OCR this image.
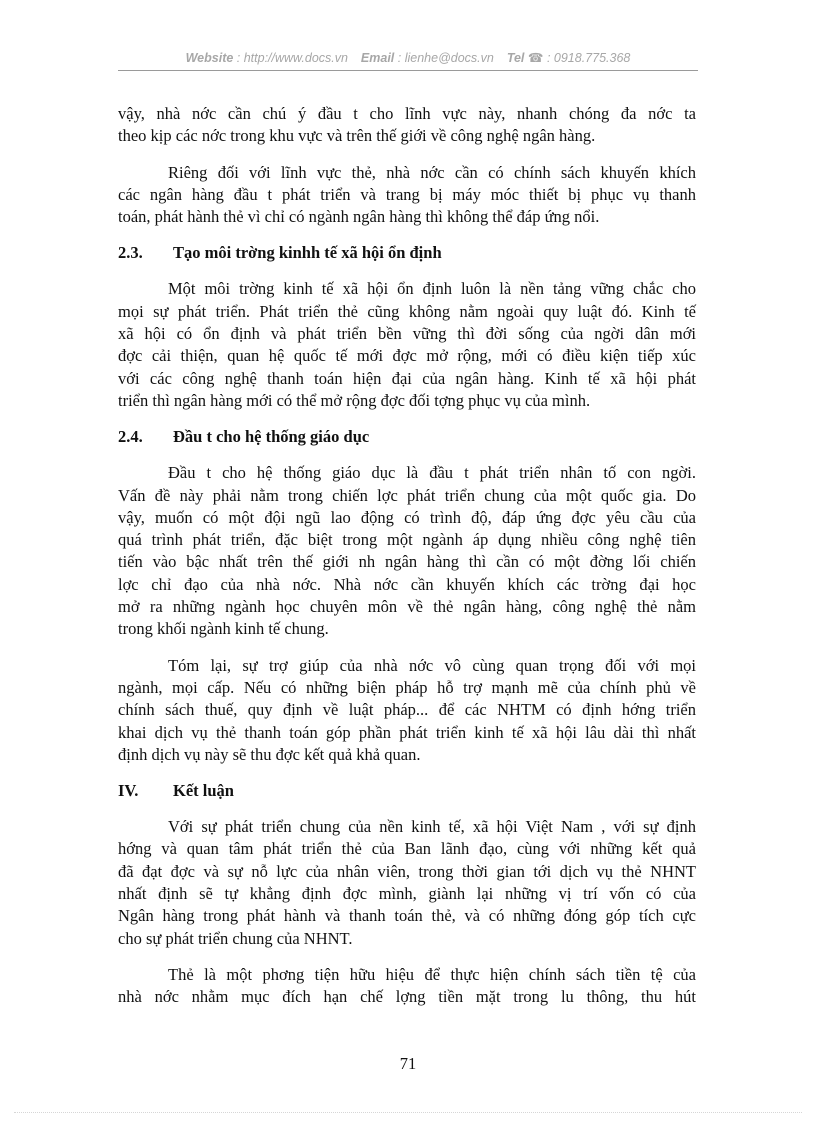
Website : http://www.docs.vn Email : lienhe@docs.vn Tel ☎ : 0918.775.368

vậy, nhà nớc cần chú ý đầu t cho lĩnh vực này, nhanh chóng đa nớc ta
theo kịp các nớc trong khu vực và trên thế giới về công nghệ ngân hàng.

Riêng đối với lĩnh vực thẻ, nhà nớc cần có chính sách khuyến khích
các ngân hàng đầu t phát triển và trang bị máy móc thiết bị phục vụ thanh
toán, phát hành thẻ vì chỉ có ngành ngân hàng thì không thể đáp ứng nổi.

2.3. Tạo môi trờng kinhh tế xã hội ổn định

Một môi trờng kinh tế xã hội ổn định luôn là nền tảng vững chắc cho
mọi sự phát triển. Phát triển thẻ cũng không nằm ngoài quy luật đó. Kinh tế
xã hội có ổn định và phát triển bền vững thì đời sống của ngời dân mới
đợc cải thiện, quan hệ quốc tế mới đợc mở rộng, mới có điều kiện tiếp xúc
với các công nghệ thanh toán hiện đại của ngân hàng. Kinh tế xã hội phát
triển thì ngân hàng mới có thể mở rộng đợc đối tợng phục vụ của mình.

2.4. Đầu t cho hệ thống giáo dục

Đầu t cho hệ thống giáo dục là đầu t phát triển nhân tố con ngời.
Vấn đề này phải nằm trong chiến lợc phát triển chung của một quốc gia. Do
vậy, muốn có một đội ngũ lao động có trình độ, đáp ứng đợc yêu cầu của
quá trình phát triển, đặc biệt trong một ngành áp dụng nhiều công nghệ tiên
tiến vào bậc nhất trên thế giới nh ngân hàng thì cần có một đờng lối chiến
lợc chỉ đạo của nhà nớc. Nhà nớc cần khuyến khích các trờng đại học
mở ra những ngành học chuyên môn về thẻ ngân hàng, công nghệ thẻ nằm
trong khối ngành kinh tế chung.

Tóm lại, sự trợ giúp của nhà nớc vô cùng quan trọng đối với mọi
ngành, mọi cấp. Nếu có những biện pháp hỗ trợ mạnh mẽ của chính phủ về
chính sách thuế, quy định về luật pháp... để các NHTM có định hớng triển
khai dịch vụ thẻ thanh toán góp phần phát triển kinh tế xã hội lâu dài thì nhất
định dịch vụ này sẽ thu đợc kết quả khả quan.

IV. Kết luận

Với sự phát triển chung của nền kinh tế, xã hội Việt Nam , với sự định
hớng và quan tâm phát triển thẻ của Ban lãnh đạo, cùng với những kết quả
đã đạt đợc và sự nỗ lực của nhân viên, trong thời gian tới dịch vụ thẻ NHNT
nhất định sẽ tự khẳng định đợc mình, giành lại những vị trí vốn có của
Ngân hàng trong phát hành và thanh toán thẻ, và có những đóng góp tích cực
cho sự phát triển chung của NHNT.

Thẻ là một phơng tiện hữu hiệu để thực hiện chính sách tiền tệ của
nhà nớc nhằm mục đích hạn chế lợng tiền mặt trong lu thông, thu hút

71
